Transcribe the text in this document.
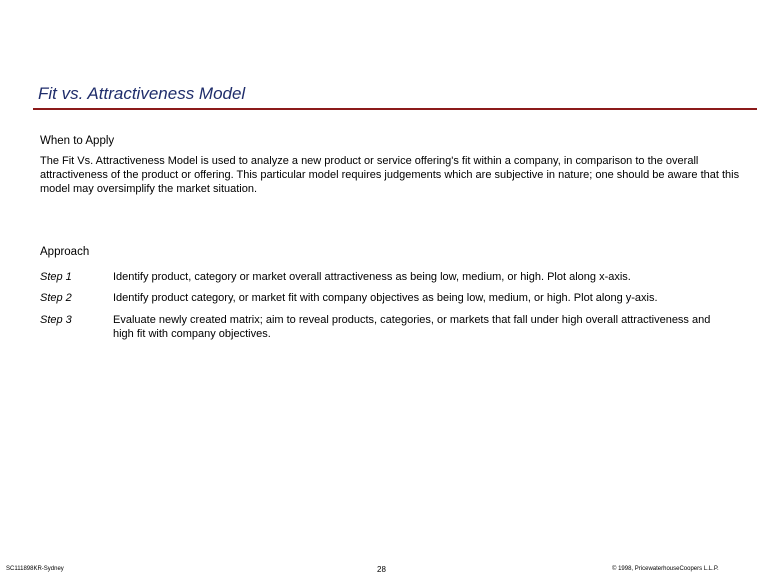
Fit vs. Attractiveness Model
When to Apply

The Fit Vs. Attractiveness Model is used to analyze a new product or service offering's fit within a company, in comparison to the overall attractiveness of the product or offering. This particular model requires judgements which are subjective in nature; one should be aware that this model may oversimplify the market situation.

Approach
Step 1	Identify product, category or market overall attractiveness as being low, medium, or high. Plot along x-axis.
Step 2	Identify product category, or market fit with company objectives as being low, medium, or high. Plot along y-axis.
Step 3	Evaluate newly created matrix; aim to reveal products, categories, or markets that fall under high overall attractiveness and high fit with company objectives.
SC111898KR-Sydney	28	© 1998, PricewaterhouseCoopers L.L.P.
